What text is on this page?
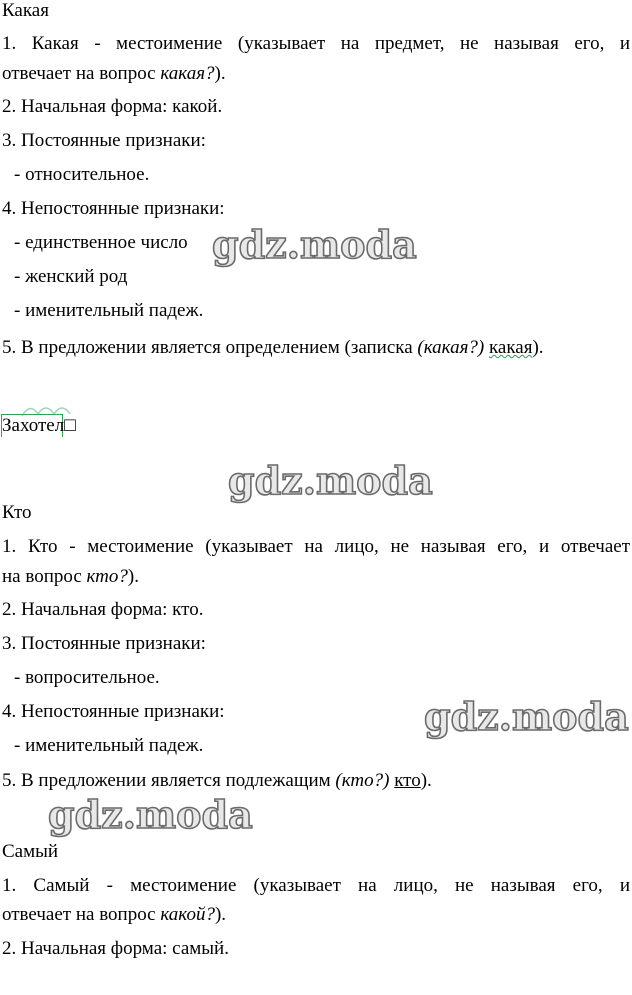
Какая
1. Какая - местоимение (указывает на предмет, не называя его, и
отвечает на вопрос какая?).
2. Начальная форма: какой.
3. Постоянные признаки:
- относительное.
4. Непостоянные признаки:
- единственное число
- женский род
- именительный падеж.
5. В предложении является определением (записка (какая?) какая).
Захотел□
Кто
1. Кто - местоимение (указывает на лицо, не называя его, и отвечает
на вопрос кто?).
2. Начальная форма: кто.
3. Постоянные признаки:
- вопросительное.
4. Непостоянные признаки:
- именительный падеж.
5. В предложении является подлежащим (кто?) кто).
Самый
1. Самый - местоимение (указывает на лицо, не называя его, и
отвечает на вопрос какой?).
2. Начальная форма: самый.
gdz.moda
gdz.moda
gdz.moda
gdz.moda
